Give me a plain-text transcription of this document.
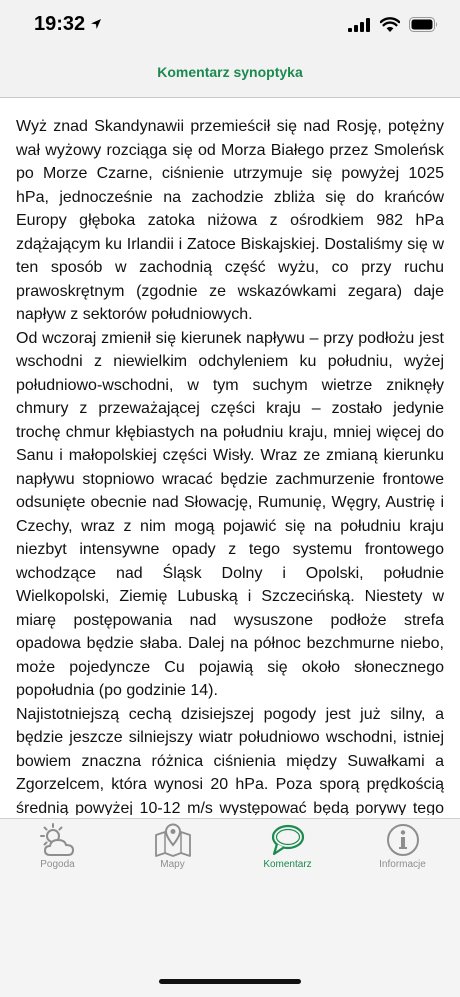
19:32
Komentarz synoptyka

Wyż znad Skandynawii przemieścił się nad Rosję, potężny wał wyżowy rozciąga się od Morza Białego przez Smoleńsk po Morze Czarne, ciśnienie utrzymuje się powyżej 1025 hPa, jednocześnie na zachodzie zbliża się do krańców Europy głęboka zatoka niżowa z ośrodkiem 982 hPa zdążającym ku Irlandii i Zatoce Biskajskiej. Dostaliśmy się w ten sposób w zachodnią część wyżu, co przy ruchu prawoskrętnym (zgodnie ze wskazówkami zegara) daje napływ z sektorów południowych.

Od wczoraj zmienił się kierunek napływu – przy podłożu jest wschodni z niewielkim odchyleniem ku południu, wyżej południowo-wschodni, w tym suchym wietrze zniknęły chmury z przeważającej części kraju – zostało jedynie trochę chmur kłębiastych na południu kraju, mniej więcej do Sanu i małopolskiej części Wisły. Wraz ze zmianą kierunku napływu stopniowo wracać będzie zachmurzenie frontowe odsunięte obecnie nad Słowację, Rumunię, Węgry, Austrię i Czechy, wraz z nim mogą pojawić się na południu kraju niezbyt intensywne opady z tego systemu frontowego wchodzące nad Śląsk Dolny i Opolski, południe Wielkopolski, Ziemię Lubuską i Szczecińską. Niestety w miarę postępowania nad wysuszone podłoże strefa opadowa będzie słaba. Dalej na północ bezchmurne niebo, może pojedyncze Cu pojawią się około słonecznego popołudnia (po godzinie 14).

Najistotniejszą cechą dzisiejszej pogody jest już silny, a będzie jeszcze silniejszy wiatr południowo wschodni, istniej bowiem znaczna różnica ciśnienia między Suwałkami a Zgorzelcem, która wynosi 20 hPa. Poza sporą prędkością średnią powyżej 10-12 m/s występować będą porywy tego

Pogoda	Mapy	Komentarz	Informacje
